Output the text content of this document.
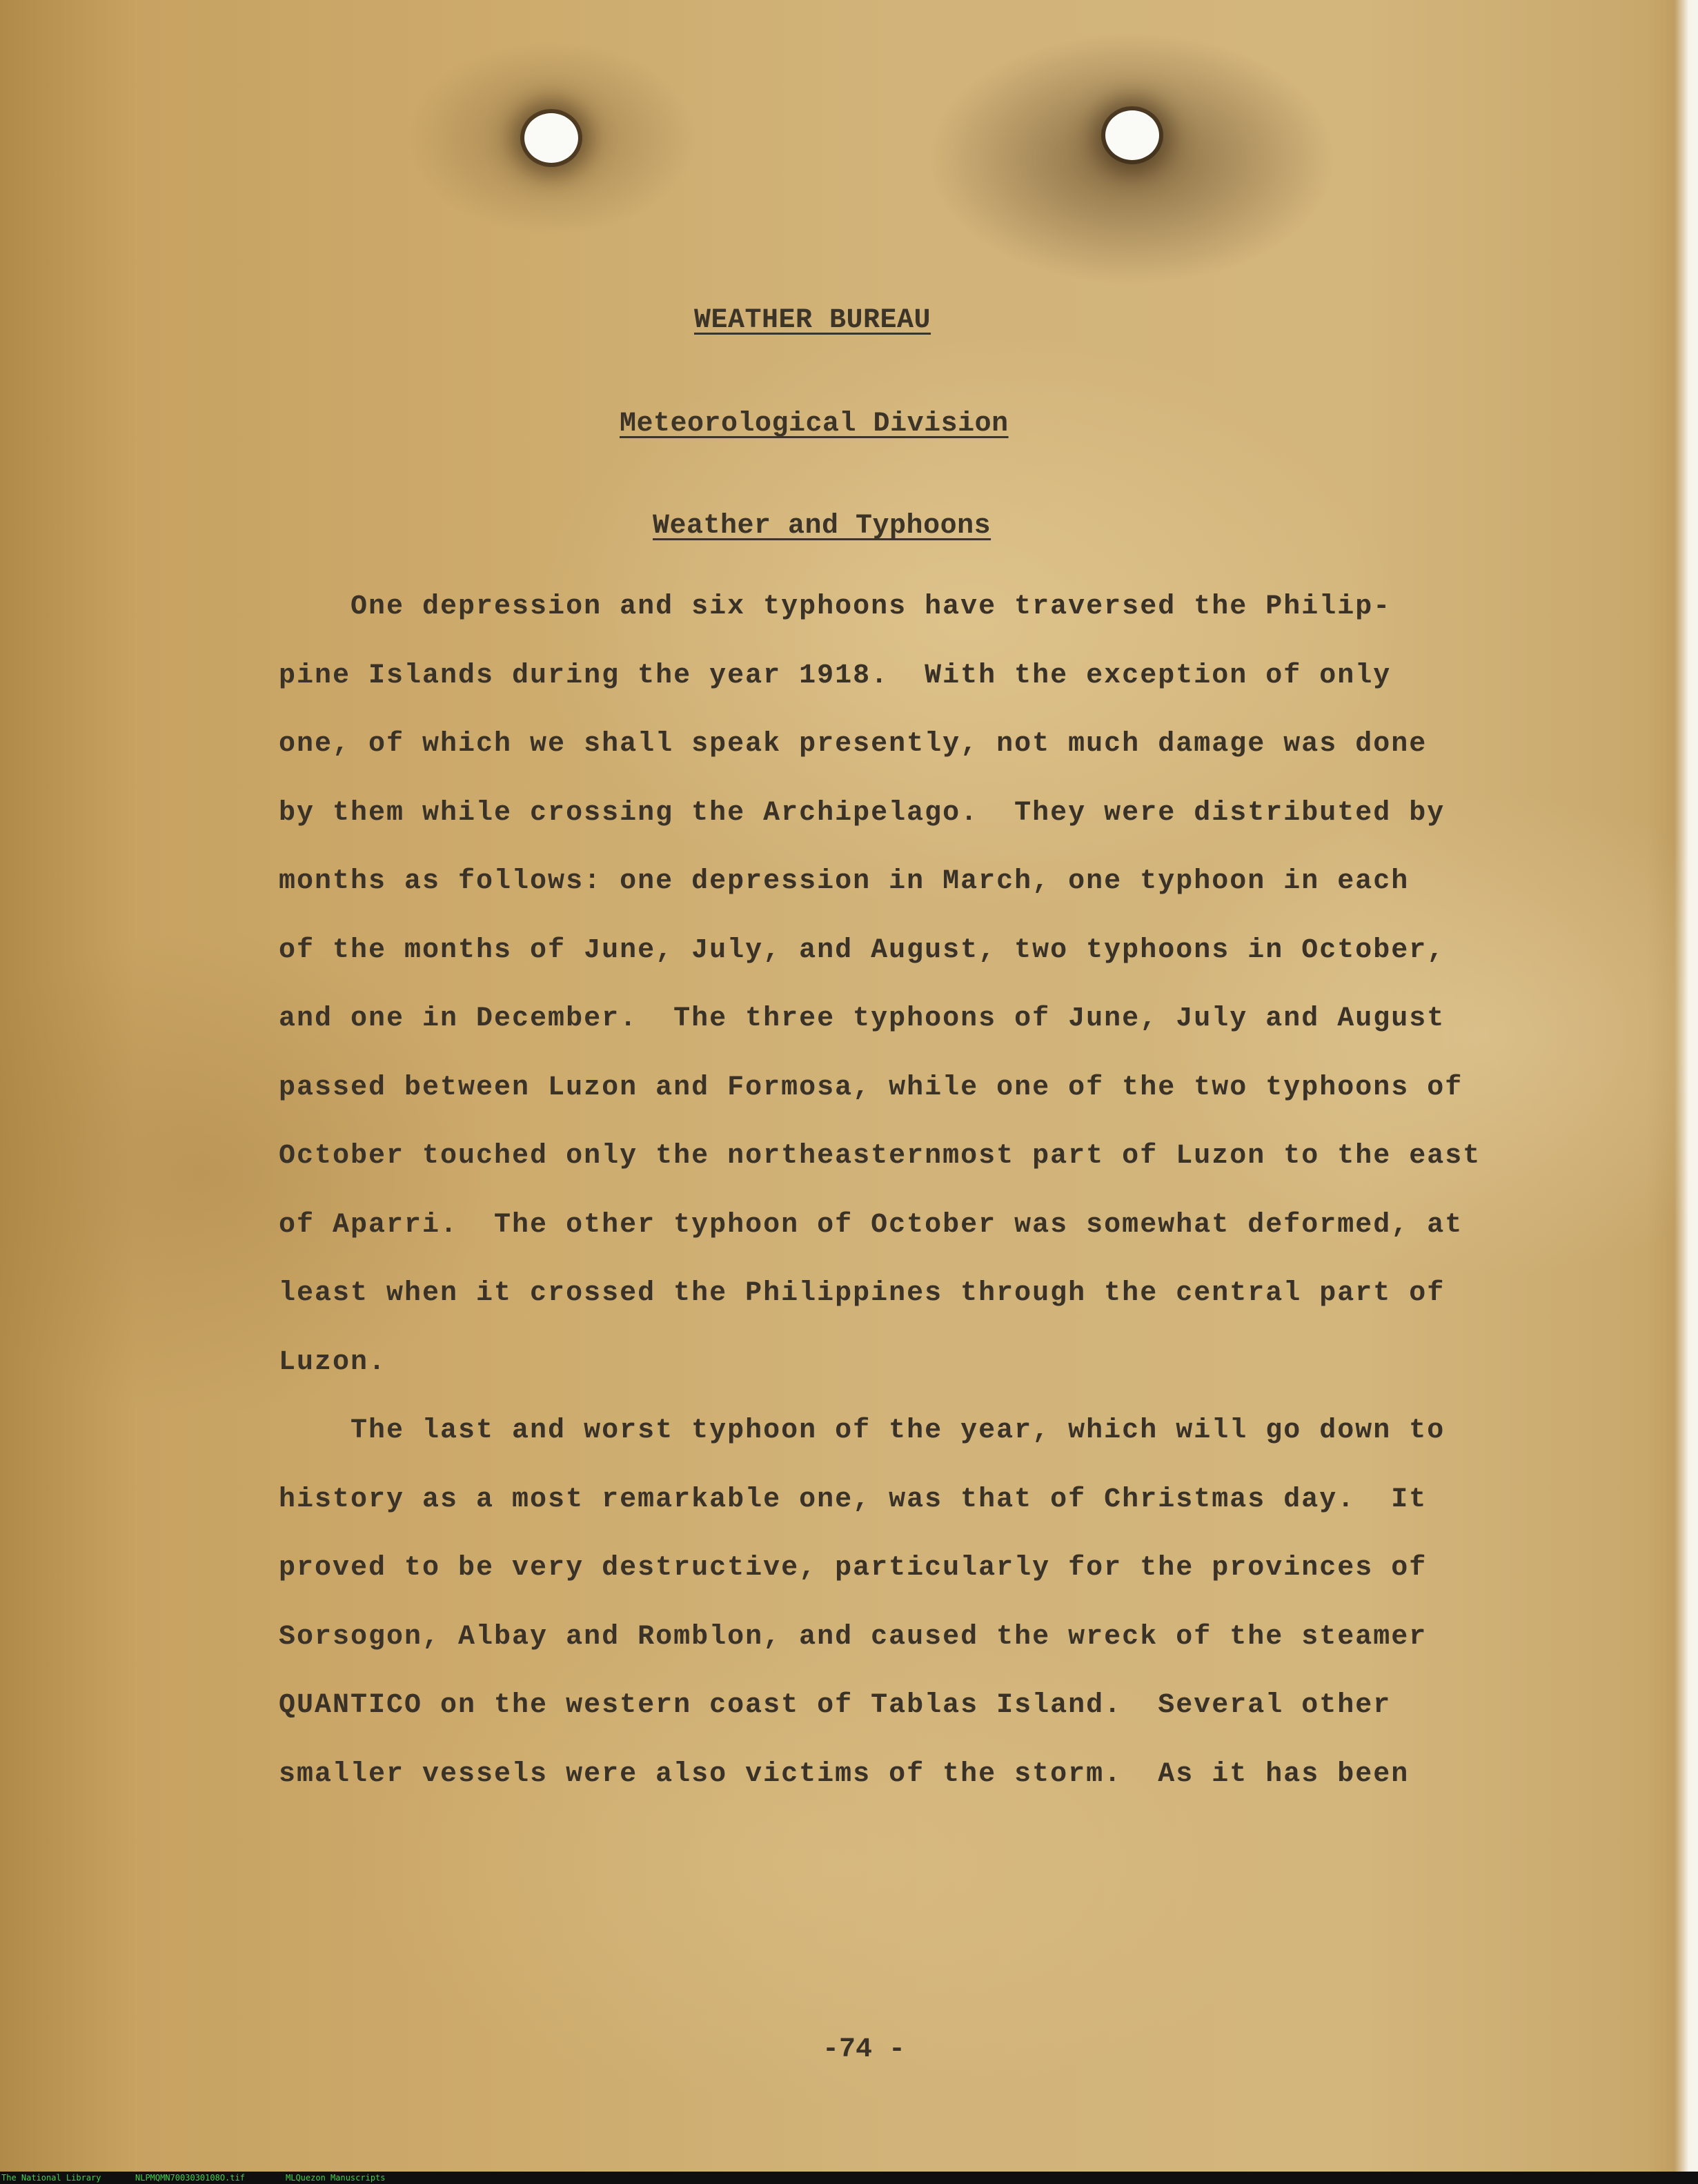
WEATHER BUREAU
Meteorological Division
Weather and Typhoons
One depression and six typhoons have traversed the Philip-
pine Islands during the year 1918.  With the exception of only
one, of which we shall speak presently, not much damage was done
by them while crossing the Archipelago.  They were distributed by
months as follows: one depression in March, one typhoon in each
of the months of June, July, and August, two typhoons in October,
and one in December.  The three typhoons of June, July and August
passed between Luzon and Formosa, while one of the two typhoons of
October touched only the northeasternmost part of Luzon to the east
of Aparri.  The other typhoon of October was somewhat deformed, at
least when it crossed the Philippines through the central part of
Luzon.
The last and worst typhoon of the year, which will go down to
history as a most remarkable one, was that of Christmas day.  It
proved to be very destructive, particularly for the provinces of
Sorsogon, Albay and Romblon, and caused the wreck of the steamer
QUANTICO on the western coast of Tablas Island.  Several other
smaller vessels were also victims of the storm.  As it has been
-74 -
The National Library	NLPMQMN7003030108O.tif	MLQuezon Manuscripts
